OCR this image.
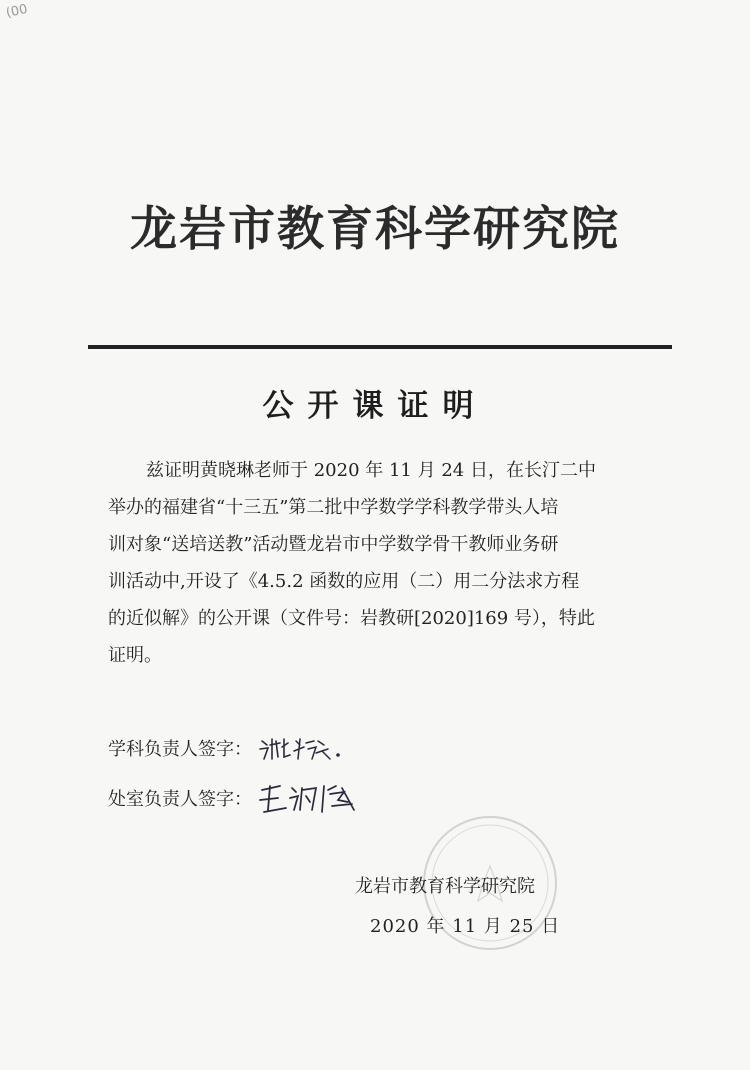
(00
龙岩市教育科学研究院
公开课证明
兹证明黄晓琳老师于 2020 年 11 月 24 日，在长汀二中
举办的福建省“十三五”第二批中学数学学科教学带头人培
训对象“送培送教”活动暨龙岩市中学数学骨干教师业务研
训活动中,开设了《4.5.2 函数的应用（二）用二分法求方程
的近似解》的公开课（文件号：岩教研[2020]169 号），特此
证明。
学科负责人签字：
处室负责人签字：
龙岩市教育科学研究院
2020 年 11 月 25 日
